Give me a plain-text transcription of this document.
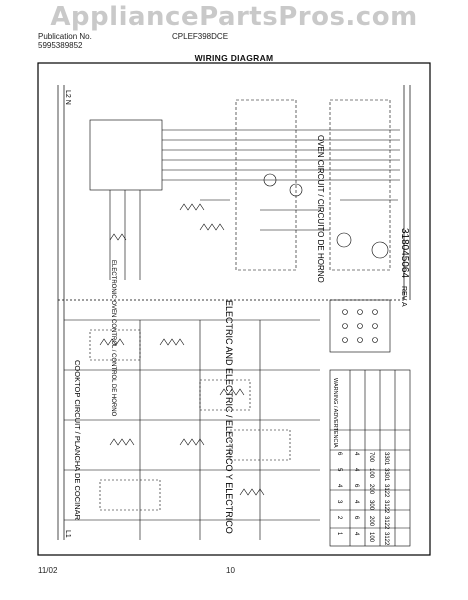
AppliancePartsPros.com
Publication No.
5995389852
CPLEF398DCE
WIRING DIAGRAM
ELECTRONIC OVEN CONTROL / CONTROL DE HORNO	ELECTRIC AND ELECTRIC / ELECTRICO Y ELECTRICO
OVEN CIRCUIT / CIRCUITO DE HORNO
COOKTOP CIRCUIT / PLANCHA DE COCINAR
318045064
REV A
L2 N
L1
WARNING / ADVERTENCIA
6 4 700 3301
5 4 100 3301
4 6 200 3122
3 4 300 3122
2 6 200 3122
1 4 100 3122
11/02	10
